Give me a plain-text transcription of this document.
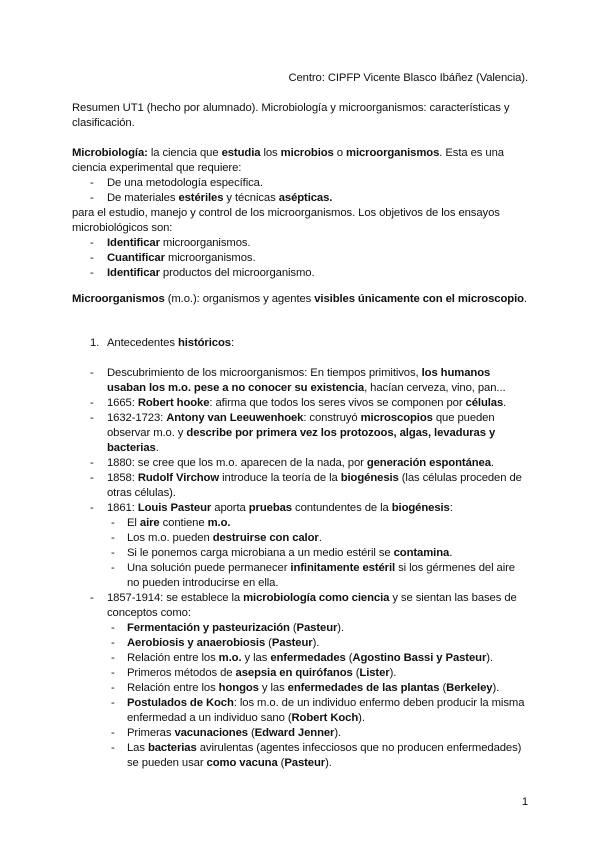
Centro: CIPFP Vicente Blasco Ibáñez (Valencia).

Resumen UT1 (hecho por alumnado). Microbiología y microorganismos: características y clasificación.

Microbiología: la ciencia que estudia los microbios o microorganismos. Esta es una ciencia experimental que requiere:

- De una metodología específica.
- De materiales estériles y técnicas asépticas.

para el estudio, manejo y control de los microorganismos. Los objetivos de los ensayos microbiológicos son:

- Identificar microorganismos.
- Cuantificar microorganismos.
- Identificar productos del microorganismo.

Microorganismos (m.o.): organismos y agentes visibles únicamente con el microscopio.

1. Antecedentes históricos:

- Descubrimiento de los microorganismos: En tiempos primitivos, los humanos usaban los m.o. pese a no conocer su existencia, hacían cerveza, vino, pan...
- 1665: Robert hooke: afirma que todos los seres vivos se componen por células.
- 1632-1723: Antony van Leeuwenhoek: construyó microscopios que pueden observar m.o. y describe por primera vez los protozoos, algas, levaduras y bacterias.
- 1880: se cree que los m.o. aparecen de la nada, por generación espontánea.
- 1858: Rudolf Virchow introduce la teoría de la biogénesis (las células proceden de otras células).
- 1861: Louis Pasteur aporta pruebas contundentes de la biogénesis:
- El aire contiene m.o.
- Los m.o. pueden destruirse con calor.
- Si le ponemos carga microbiana a un medio estéril se contamina.
- Una solución puede permanecer infinitamente estéril si los gérmenes del aire no pueden introducirse en ella.
- 1857-1914: se establece la microbiología como ciencia y se sientan las bases de conceptos como:
- Fermentación y pasteurización (Pasteur).
- Aerobiosis y anaerobiosis (Pasteur).
- Relación entre los m.o. y las enfermedades (Agostino Bassi y Pasteur).
- Primeros métodos de asepsia en quirófanos (Lister).
- Relación entre los hongos y las enfermedades de las plantas (Berkeley).
- Postulados de Koch: los m.o. de un individuo enfermo deben producir la misma enfermedad a un individuo sano (Robert Koch).
- Primeras vacunaciones (Edward Jenner).
- Las bacterias avirulentas (agentes infecciosos que no producen enfermedades) se pueden usar como vacuna (Pasteur).

1
